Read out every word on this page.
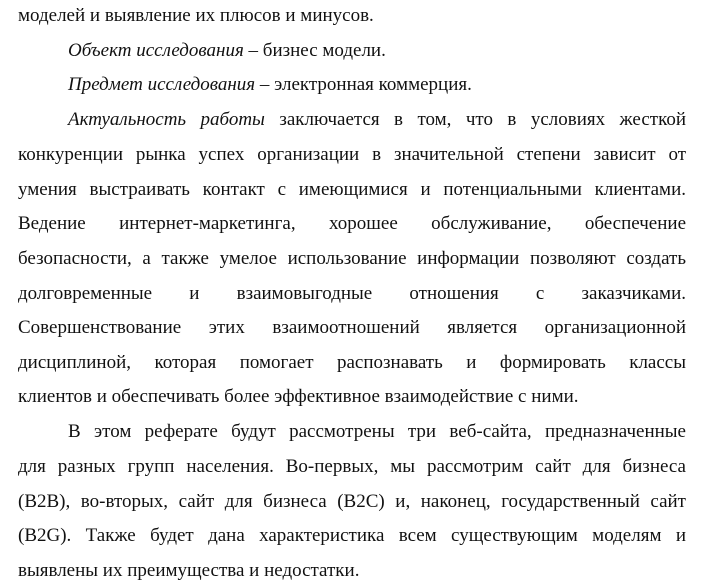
моделей и выявление их плюсов и минусов.
Объект исследования – бизнес модели.
Предмет исследования – электронная коммерция.
Актуальность работы заключается в том, что в условиях жесткой
конкуренции рынка успех организации в значительной степени зависит от
умения выстраивать контакт с имеющимися и потенциальными клиентами.
Ведение интернет-маркетинга, хорошее обслуживание, обеспечение
безопасности, а также умелое использование информации позволяют создать
долговременные и взаимовыгодные отношения с заказчиками.
Совершенствование этих взаимоотношений является организационной
дисциплиной, которая помогает распознавать и формировать классы
клиентов и обеспечивать более эффективное взаимодействие с ними.
В этом реферате будут рассмотрены три веб-сайта, предназначенные
для разных групп населения. Во-первых, мы рассмотрим сайт для бизнеса
(B2B), во-вторых, сайт для бизнеса (B2C) и, наконец, государственный сайт
(B2G). Также будет дана характеристика всем существующим моделям и
выявлены их преимущества и недостатки.
